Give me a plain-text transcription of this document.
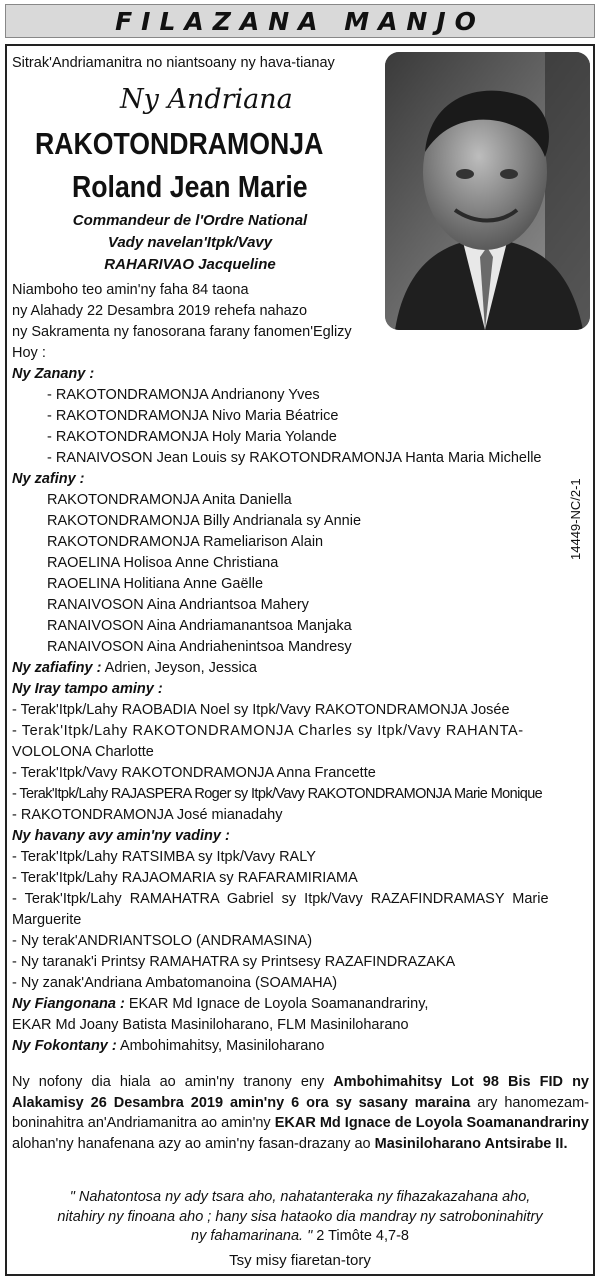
FILAZANA MANJO
Sitrak'Andriamanitra no niantsoany ny hava-tianay
Ny Andriana
RAKOTONDRAMONJA
Roland Jean Marie
Commandeur de l'Ordre National
Vady navelan'Itpk/Vavy
RAHARIVAO Jacqueline
Niamboho teo amin'ny faha 84 taona
ny Alahady 22 Desambra 2019 rehefa nahazo
ny Sakramenta ny fanosorana farany fanomen'Eglizy
Hoy :
Ny Zanany :
- RAKOTONDRAMONJA Andrianony Yves
- RAKOTONDRAMONJA Nivo Maria Béatrice
- RAKOTONDRAMONJA Holy Maria Yolande
- RANAIVOSON Jean Louis sy RAKOTONDRAMONJA Hanta Maria Michelle
Ny zafiny :
RAKOTONDRAMONJA Anita Daniella
RAKOTONDRAMONJA Billy Andrianala sy Annie
RAKOTONDRAMONJA Rameliarison Alain
RAOELINA Holisoa Anne Christiana
RAOELINA Holitiana Anne Gaëlle
RANAIVOSON Aina Andriantsoa Mahery
RANAIVOSON Aina Andriamanantsoa Manjaka
RANAIVOSON Aina Andriahenintsoa Mandresy
14449-NC/2-1
Ny zafiafiny : Adrien, Jeyson, Jessica
Ny Iray tampo aminy :
- Terak'Itpk/Lahy RAOBADIA Noel sy Itpk/Vavy RAKOTONDRAMONJA Josée
- Terak'Itpk/Lahy RAKOTONDRAMONJA Charles sy Itpk/Vavy RAHANTA-
VOLOLONA Charlotte
- Terak'Itpk/Vavy RAKOTONDRAMONJA Anna Francette
- Terak'Itpk/Lahy RAJASPERA Roger sy Itpk/Vavy RAKOTONDRAMONJA Marie Monique
- RAKOTONDRAMONJA José mianadahy
Ny havany avy amin'ny vadiny :
- Terak'Itpk/Lahy RATSIMBA sy Itpk/Vavy RALY
- Terak'Itpk/Lahy RAJAOMARIA sy RAFARAMIRIAMA
- Terak'Itpk/Lahy RAMAHATRA Gabriel sy Itpk/Vavy RAZAFINDRAMASY Marie
Marguerite
- Ny terak'ANDRIANTSOLO (ANDRAMASINA)
- Ny taranak'i Printsy RAMAHATRA sy Printsesy RAZAFINDRAZAKA
- Ny zanak'Andriana Ambatomanoina (SOAMAHA)
Ny Fiangonana : EKAR Md Ignace de Loyola Soamanandrariny,
EKAR Md Joany Batista Masiniloharano, FLM Masiniloharano
Ny Fokontany : Ambohimahitsy, Masiniloharano
Ny nofony dia hiala ao amin'ny tranony eny Ambohimahitsy Lot 98 Bis FID ny Alakamisy 26 Desambra 2019 amin'ny 6 ora sy sasany maraina ary hanomezam-boninahitra an'Andriamanitra ao amin'ny EKAR Md Ignace de Loyola Soamanandrariny alohan'ny hanafenana azy ao amin'ny fasan-drazany ao Masiniloharano Antsirabe II.
" Nahatontosa ny ady tsara aho, nahatanteraka ny fihazakazahana aho,
nitahiry ny finoana aho ; hany sisa hataoko dia mandray ny satroboninahitry
ny fahamarinana. " 2 Timôte 4,7-8
Tsy misy fiaretan-tory
